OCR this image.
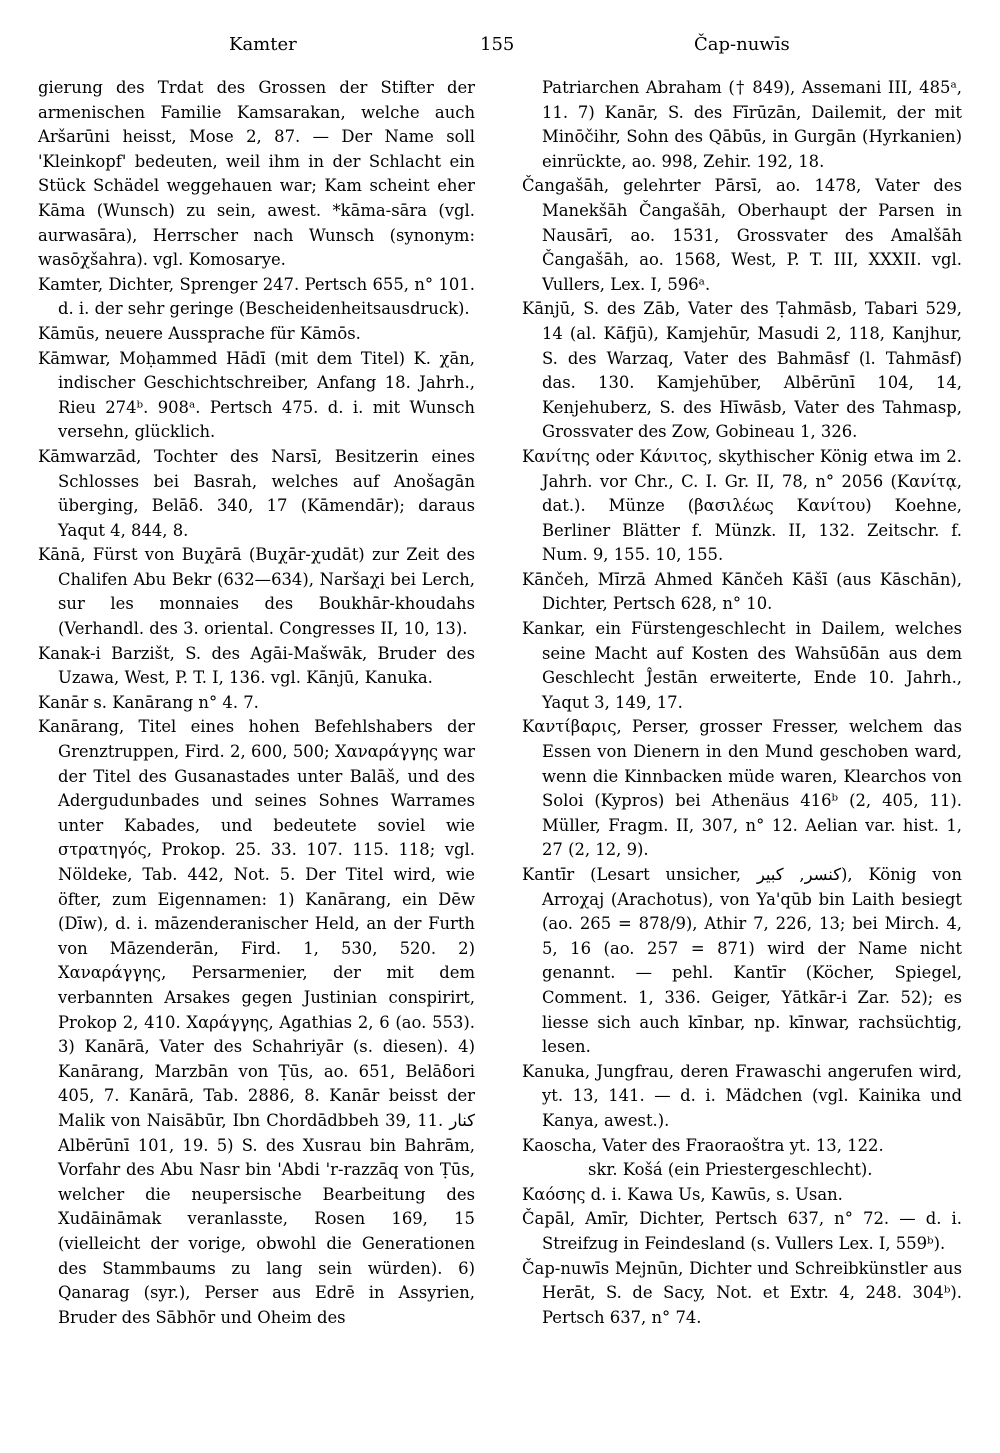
Kamter	155	Čap-nuwīs

gierung des Trdat des Grossen der Stifter der armenischen Familie Kamsarakan, welche auch Aršarūni heisst, Mose 2, 87. — Der Name soll 'Kleinkopf' bedeuten, weil ihm in der Schlacht ein Stück Schädel weggehauen war; Kam scheint eher Kāma (Wunsch) zu sein, awest. *kāma-sāra (vgl. aurwasāra), Herrscher nach Wunsch (synonym: wasōχšahra). vgl. Komosarye.

Kamter, Dichter, Sprenger 247. Pertsch 655, n° 101. d. i. der sehr geringe (Bescheidenheitsausdruck).

Kāmūs, neuere Aussprache für Kāmōs.

Kāmwar, Moḥammed Hādī (mit dem Titel) K. χān, indischer Geschichtschreiber, Anfang 18. Jahrh., Rieu 274ᵇ. 908ᵃ. Pertsch 475. d. i. mit Wunsch versehn, glücklich.

Kāmwarzād, Tochter des Narsī, Besitzerin eines Schlosses bei Basrah, welches auf Anošagān überging, Belāδ. 340, 17 (Kāmendār); daraus Yaqut 4, 844, 8.

Kānā, Fürst von Buχārā (Buχār-χudāt) zur Zeit des Chalifen Abu Bekr (632—634), Naršaχi bei Lerch, sur les monnaies des Boukhār-khoudahs (Verhandl. des 3. oriental. Congresses II, 10, 13).

Kanak-i Barzišt, S. des Agāi-Mašwāk, Bruder des Uzawa, West, P. T. I, 136. vgl. Kānjū, Kanuka.

Kanār s. Kanārang n° 4. 7.

Kanārang, Titel eines hohen Befehlshabers der Grenztruppen, Fird. 2, 600, 500; Χαναράγγης war der Titel des Gusanastades unter Balāš, und des Adergudunbades und seines Sohnes Warrames unter Kabades, und bedeutete soviel wie στρατηγός, Prokop. 25. 33. 107. 115. 118; vgl. Nöldeke, Tab. 442, Not. 5. Der Titel wird, wie öfter, zum Eigennamen: 1) Kanārang, ein Dēw (Dīw), d. i. māzenderanischer Held, an der Furth von Māzenderān, Fird. 1, 530, 520. 2) Χαναράγγης, Persarmenier, der mit dem verbannten Arsakes gegen Justinian conspirirt, Prokop 2, 410. Χαράγγης, Agathias 2, 6 (ao. 553). 3) Kanārā, Vater des Schahriyār (s. diesen). 4) Kanārang, Marzbān von Ṭūs, ao. 651, Belāδori 405, 7. Kanārā, Tab. 2886, 8. Kanār beisst der Malik von Naisābūr, Ibn Chordādbbeh 39, 11. كنار Albērūnī 101, 19. 5) S. des Xusrau bin Bahrām, Vorfahr des Abu Nasr bin 'Abdi 'r-razzāq von Ṭūs, welcher die neupersische Bearbeitung des Xudāināmak veranlasste, Rosen 169, 15 (vielleicht der vorige, obwohl die Generationen des Stammbaums zu lang sein würden). 6) Qanarag (syr.), Perser aus Edrē in Assyrien, Bruder des Sābhōr und Oheim des

Patriarchen Abraham († 849), Assemani III, 485ᵃ, 11. 7) Kanār, S. des Fīrūzān, Dailemit, der mit Minōčihr, Sohn des Qābūs, in Gurgān (Hyrkanien) einrückte, ao. 998, Zehir. 192, 18.

Čangašāh, gelehrter Pārsī, ao. 1478, Vater des Manekšāh Čangašāh, Oberhaupt der Parsen in Nausārī, ao. 1531, Grossvater des Amalšāh Čangašāh, ao. 1568, West, P. T. III, XXXII. vgl. Vullers, Lex. I, 596ᵃ.

Kānjū, S. des Zāb, Vater des Ṭahmāsb, Tabari 529, 14 (al. Kāfjū), Kamjehūr, Masudi 2, 118, Kanjhur, S. des Warzaq, Vater des Bahmāsf (l. Tahmāsf) das. 130. Kamjehūber, Albērūnī 104, 14, Kenjehuberz, S. des Hīwāsb, Vater des Tahmasp, Grossvater des Zow, Gobineau 1, 326.

Κανίτης oder Κάνιτος, skythischer König etwa im 2. Jahrh. vor Chr., C. I. Gr. II, 78, n° 2056 (Κανίτᾳ, dat.). Münze (βασιλέως Κανίτου) Koehne, Berliner Blätter f. Münzk. II, 132. Zeitschr. f. Num. 9, 155. 10, 155.

Kānčeh, Mīrzā Ahmed Kānčeh Kāšī (aus Kāschān), Dichter, Pertsch 628, n° 10.

Kankar, ein Fürstengeschlecht in Dailem, welches seine Macht auf Kosten des Wahsūδān aus dem Geschlecht Ĵestān erweiterte, Ende 10. Jahrh., Yaqut 3, 149, 17.

Καντίβαρις, Perser, grosser Fresser, welchem das Essen von Dienern in den Mund geschoben ward, wenn die Kinnbacken müde waren, Klearchos von Soloi (Kypros) bei Athenäus 416ᵇ (2, 405, 11). Müller, Fragm. II, 307, n° 12. Aelian var. hist. 1, 27 (2, 12, 9).

Kantīr (Lesart unsicher, كنسر, كبير), König von Arroχaj (Arachotus), von Ya'qūb bin Laith besiegt (ao. 265 = 878/9), Athir 7, 226, 13; bei Mirch. 4, 5, 16 (ao. 257 = 871) wird der Name nicht genannt. — pehl. Kantīr (Köcher, Spiegel, Comment. 1, 336. Geiger, Yātkār-i Zar. 52); es liesse sich auch kīnbar, np. kīnwar, rachsüchtig, lesen.

Kanuka, Jungfrau, deren Frawaschi angerufen wird, yt. 13, 141. — d. i. Mädchen (vgl. Kainika und Kanya, awest.).

Kaoscha, Vater des Fraoraoštra yt. 13, 122.

skr. Košá (ein Priestergeschlecht).

Καόσης d. i. Kawa Us, Kawūs, s. Usan.

Čapāl, Amīr, Dichter, Pertsch 637, n° 72. — d. i. Streifzug in Feindesland (s. Vullers Lex. I, 559ᵇ).

Čap-nuwīs Mejnūn, Dichter und Schreibkünstler aus Herāt, S. de Sacy, Not. et Extr. 4, 248. 304ᵇ). Pertsch 637, n° 74.
